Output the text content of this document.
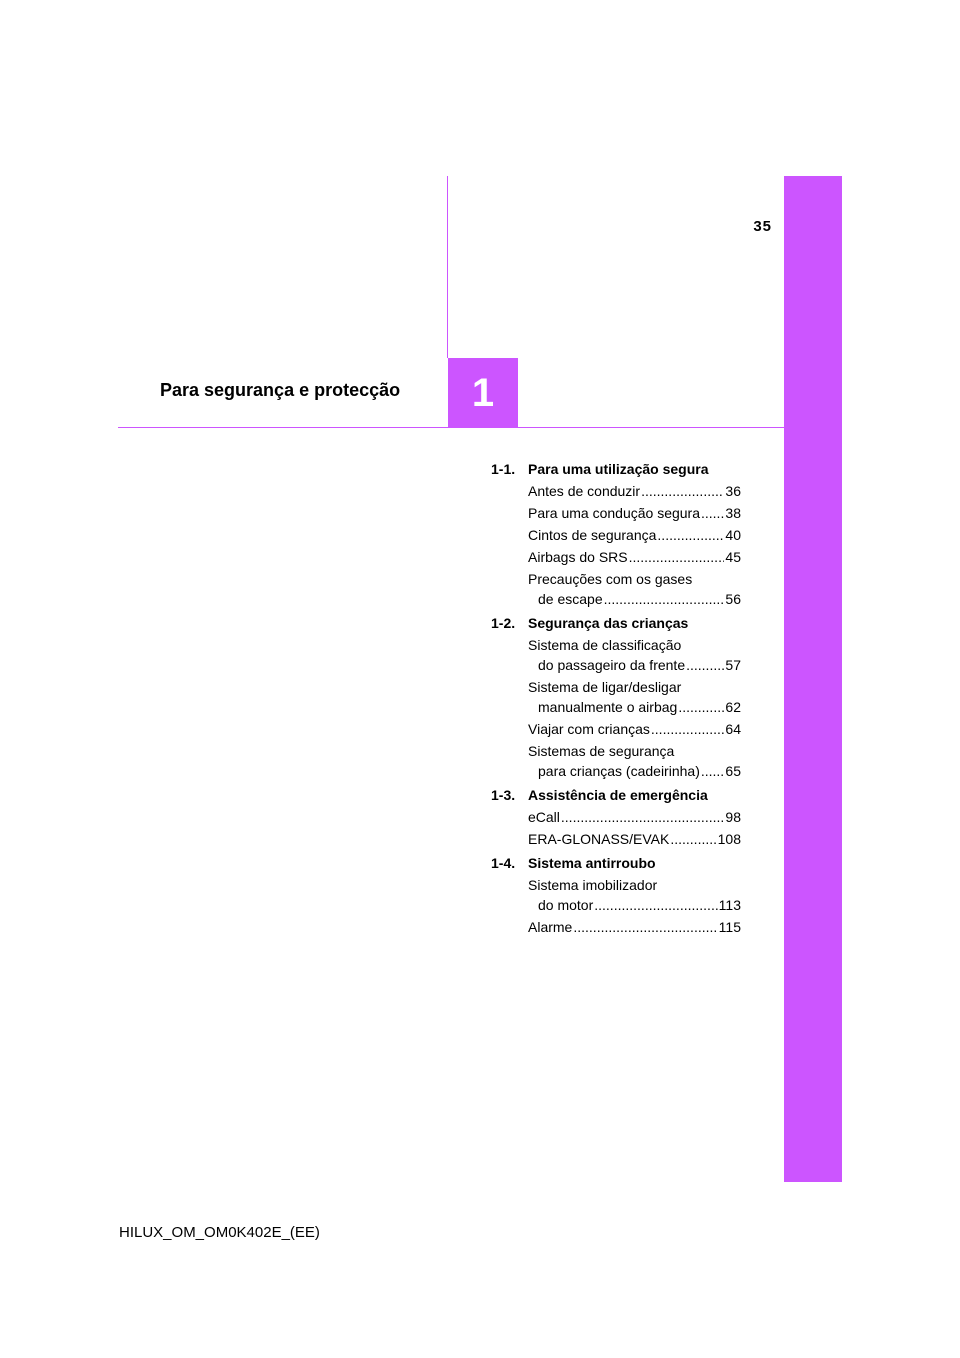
35
1
Para segurança e protecção
1-1. Para uma utilização segura
Antes de conduzir .....	36
Para uma condução segura ..... 38
Cintos de segurança .....	40
Airbags do SRS .....	45
Precauções com os gases
de escape .....	56
1-2. Segurança das crianças
Sistema de classificação
do passageiro da frente .....	57
Sistema de ligar/desligar
manualmente o airbag .....	62
Viajar com crianças .....	64
Sistemas de segurança
para crianças (cadeirinha) ..... 65
1-3. Assistência de emergência
eCall .....	98
ERA-GLONASS/EVAK .....	108
1-4. Sistema antirroubo
Sistema imobilizador
do motor .....	113
Alarme .....	115
HILUX_OM_OM0K402E_(EE)
